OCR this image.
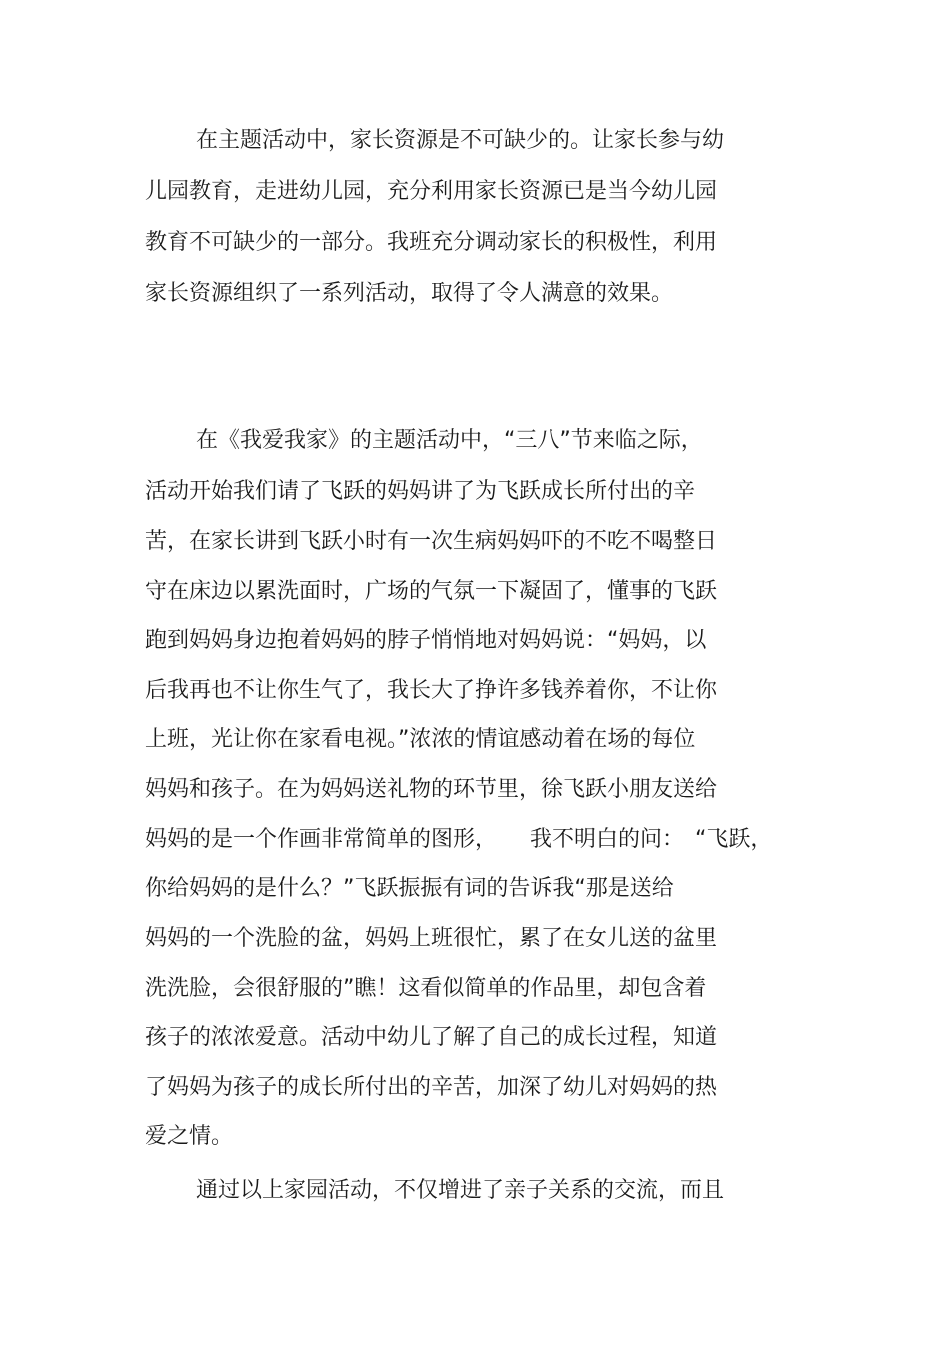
在主题活动中，家长资源是不可缺少的。让家长参与幼
儿园教育，走进幼儿园，充分利用家长资源已是当今幼儿园
教育不可缺少的一部分。我班充分调动家长的积极性，利用
家长资源组织了一系列活动，取得了令人满意的效果。
在《我爱我家》的主题活动中，“三八”节来临之际，
活动开始我们请了飞跃的妈妈讲了为飞跃成长所付出的辛
苦，在家长讲到飞跃小时有一次生病妈妈吓的不吃不喝整日
守在床边以累洗面时，广场的气氛一下凝固了，懂事的飞跃
跑到妈妈身边抱着妈妈的脖子悄悄地对妈妈说：“妈妈，以
后我再也不让你生气了，我长大了挣许多钱养着你，不让你
上班，光让你在家看电视。”浓浓的情谊感动着在场的每位
妈妈和孩子。在为妈妈送礼物的环节里，徐飞跃小朋友送给
妈妈的是一个作画非常简单的图形，　　我不明白的问：　“飞跃，
你给妈妈的是什么？”飞跃振振有词的告诉我“那是送给
妈妈的一个洗脸的盆，妈妈上班很忙，累了在女儿送的盆里
洗洗脸，会很舒服的”瞧！这看似简单的作品里，却包含着
孩子的浓浓爱意。活动中幼儿了解了自己的成长过程，知道
了妈妈为孩子的成长所付出的辛苦，加深了幼儿对妈妈的热
爱之情。
通过以上家园活动，不仅增进了亲子关系的交流，而且
